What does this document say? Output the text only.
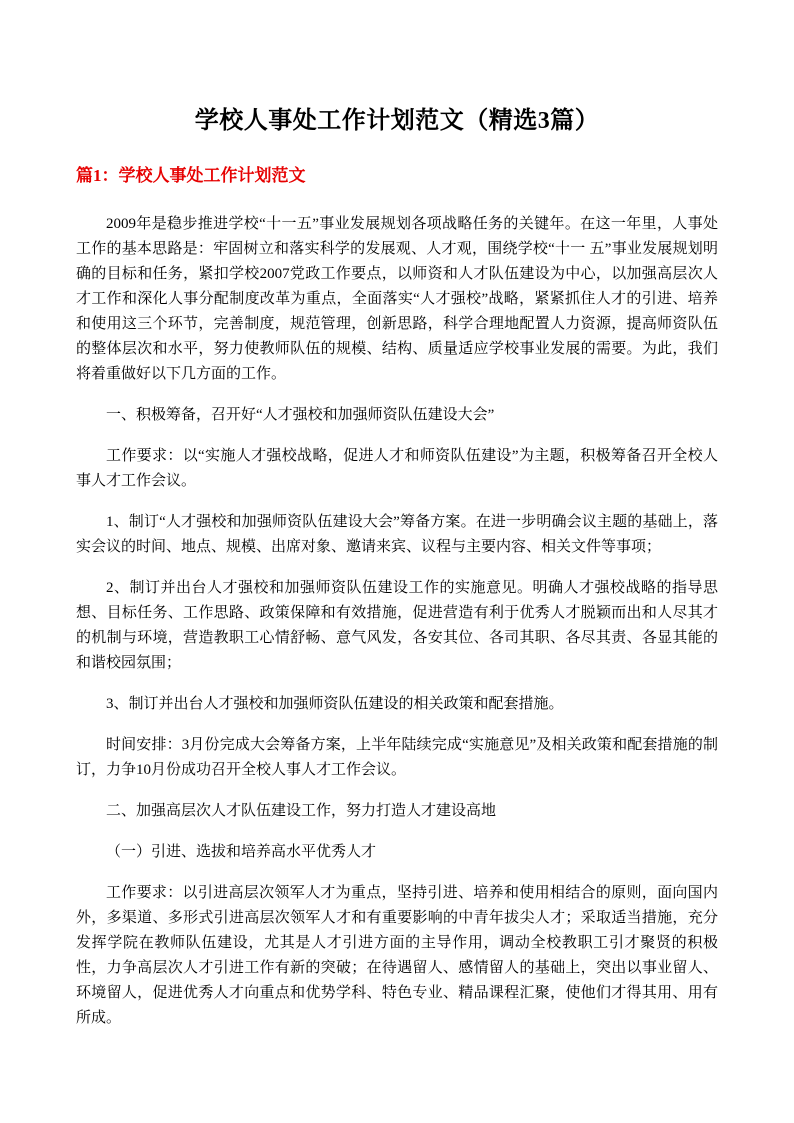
学校人事处工作计划范文（精选3篇）
篇1：学校人事处工作计划范文

2009年是稳步推进学校“十一五”事业发展规划各项战略任务的关键年。在这一年里，人事处工作的基本思路是：牢固树立和落实科学的发展观、人才观，围绕学校“十一 五”事业发展规划明确的目标和任务，紧扣学校2007党政工作要点，以师资和人才队伍建设为中心，以加强高层次人才工作和深化人事分配制度改革为重点，全面落实“人才强校”战略，紧紧抓住人才的引进、培养和使用这三个环节，完善制度，规范管理，创新思路，科学合理地配置人力资源，提高师资队伍的整体层次和水平，努力使教师队伍的规模、结构、质量适应学校事业发展的需要。为此，我们将着重做好以下几方面的工作。

一、积极筹备，召开好“人才强校和加强师资队伍建设大会”

工作要求：以“实施人才强校战略，促进人才和师资队伍建设”为主题，积极筹备召开全校人事人才工作会议。

1、制订“人才强校和加强师资队伍建设大会”筹备方案。在进一步明确会议主题的基础上，落实会议的时间、地点、规模、出席对象、邀请来宾、议程与主要内容、相关文件等事项；

2、制订并出台人才强校和加强师资队伍建设工作的实施意见。明确人才强校战略的指导思想、目标任务、工作思路、政策保障和有效措施，促进营造有利于优秀人才脱颖而出和人尽其才的机制与环境，营造教职工心情舒畅、意气风发，各安其位、各司其职、各尽其责、各显其能的和谐校园氛围；

3、制订并出台人才强校和加强师资队伍建设的相关政策和配套措施。

时间安排：3月份完成大会筹备方案，上半年陆续完成“实施意见”及相关政策和配套措施的制订，力争10月份成功召开全校人事人才工作会议。

二、加强高层次人才队伍建设工作，努力打造人才建设高地

（一）引进、选拔和培养高水平优秀人才

工作要求：以引进高层次领军人才为重点，坚持引进、培养和使用相结合的原则，面向国内外，多渠道、多形式引进高层次领军人才和有重要影响的中青年拔尖人才；采取适当措施，充分发挥学院在教师队伍建设，尤其是人才引进方面的主导作用，调动全校教职工引才聚贤的积极性，力争高层次人才引进工作有新的突破；在待遇留人、感情留人的基础上，突出以事业留人、环境留人，促进优秀人才向重点和优势学科、特色专业、精品课程汇聚，使他们才得其用、用有所成。
